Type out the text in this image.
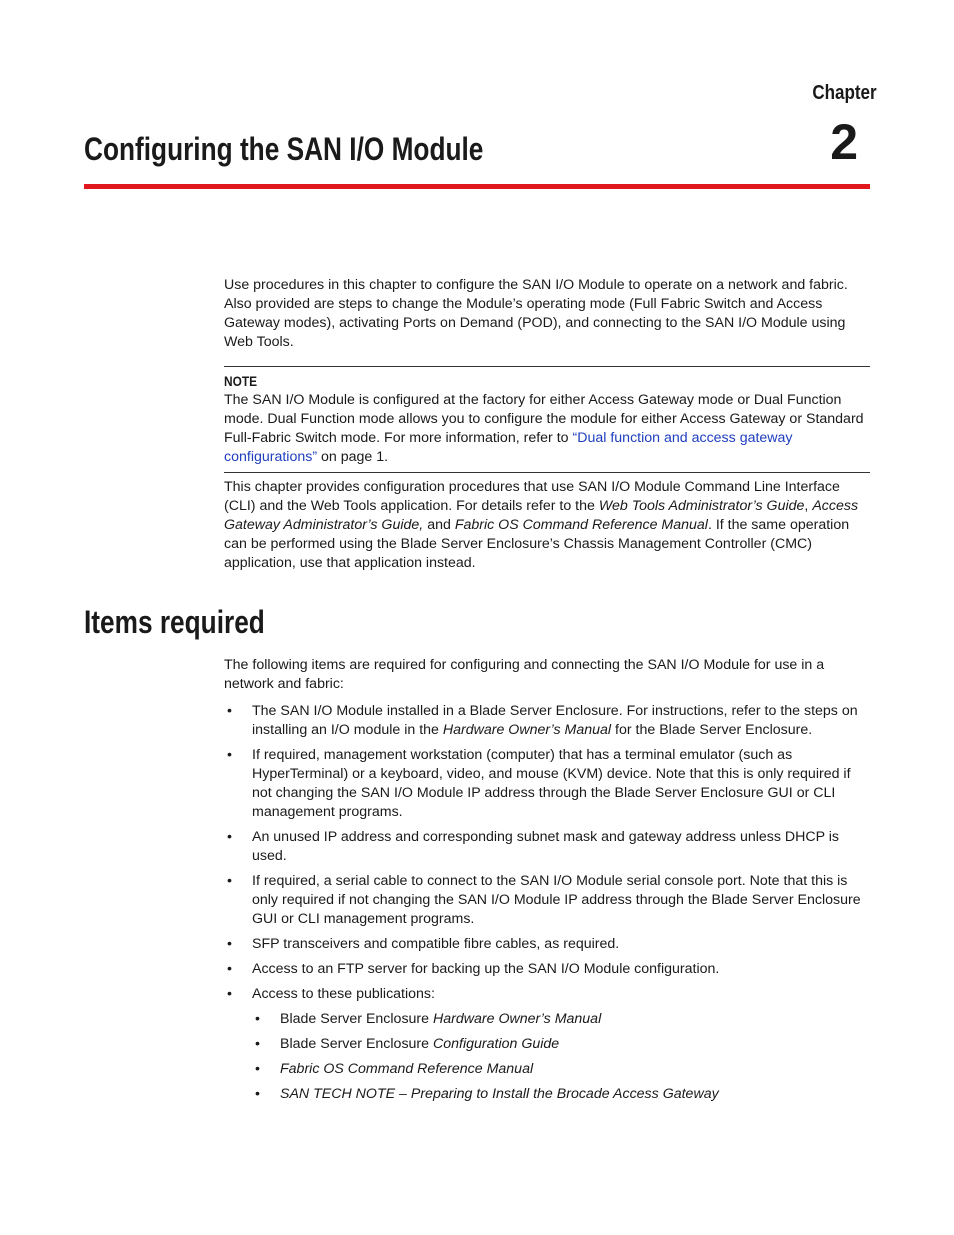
Chapter
2
Configuring the SAN I/O Module

Use procedures in this chapter to configure the SAN I/O Module to operate on a network and fabric. Also provided are steps to change the Module’s operating mode (Full Fabric Switch and Access Gateway modes), activating Ports on Demand (POD), and connecting to the SAN I/O Module using Web Tools.

NOTE
The SAN I/O Module is configured at the factory for either Access Gateway mode or Dual Function mode. Dual Function mode allows you to configure the module for either Access Gateway or Standard Full-Fabric Switch mode. For more information, refer to “Dual function and access gateway configurations” on page 1.

This chapter provides configuration procedures that use SAN I/O Module Command Line Interface (CLI) and the Web Tools application. For details refer to the Web Tools Administrator’s Guide, Access Gateway Administrator’s Guide, and Fabric OS Command Reference Manual. If the same operation can be performed using the Blade Server Enclosure’s Chassis Management Controller (CMC) application, use that application instead.

Items required

The following items are required for configuring and connecting the SAN I/O Module for use in a network and fabric:

• The SAN I/O Module installed in a Blade Server Enclosure. For instructions, refer to the steps on installing an I/O module in the Hardware Owner’s Manual for the Blade Server Enclosure.
• If required, management workstation (computer) that has a terminal emulator (such as HyperTerminal) or a keyboard, video, and mouse (KVM) device. Note that this is only required if not changing the SAN I/O Module IP address through the Blade Server Enclosure GUI or CLI management programs.
• An unused IP address and corresponding subnet mask and gateway address unless DHCP is used.
• If required, a serial cable to connect to the SAN I/O Module serial console port. Note that this is only required if not changing the SAN I/O Module IP address through the Blade Server Enclosure GUI or CLI management programs.
• SFP transceivers and compatible fibre cables, as required.
• Access to an FTP server for backing up the SAN I/O Module configuration.
• Access to these publications:
• Blade Server Enclosure Hardware Owner’s Manual
• Blade Server Enclosure Configuration Guide
• Fabric OS Command Reference Manual
• SAN TECH NOTE – Preparing to Install the Brocade Access Gateway
